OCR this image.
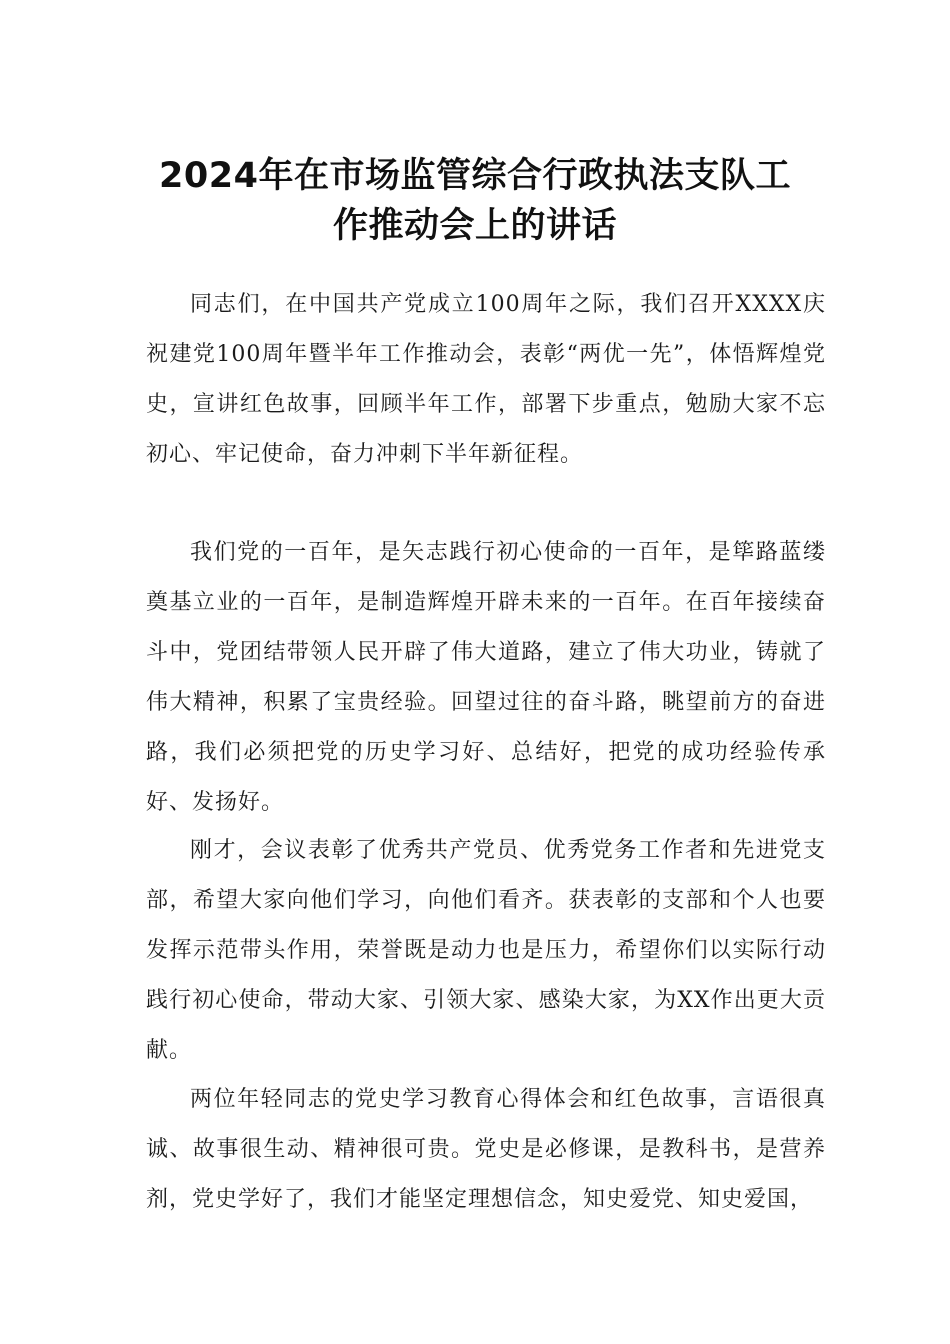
2024年在市场监管综合行政执法支队工
作推动会上的讲话

同志们，在中国共产党成立100周年之际，我们召开XXXX庆祝建党100周年暨半年工作推动会，表彰“两优一先”，体悟辉煌党史，宣讲红色故事，回顾半年工作，部署下步重点，勉励大家不忘初心、牢记使命，奋力冲刺下半年新征程。

我们党的一百年，是矢志践行初心使命的一百年，是筚路蓝缕奠基立业的一百年，是制造辉煌开辟未来的一百年。在百年接续奋斗中，党团结带领人民开辟了伟大道路，建立了伟大功业，铸就了伟大精神，积累了宝贵经验。回望过往的奋斗路，眺望前方的奋进路，我们必须把党的历史学习好、总结好，把党的成功经验传承好、发扬好。

刚才，会议表彰了优秀共产党员、优秀党务工作者和先进党支部，希望大家向他们学习，向他们看齐。获表彰的支部和个人也要发挥示范带头作用，荣誉既是动力也是压力，希望你们以实际行动践行初心使命，带动大家、引领大家、感染大家，为XX作出更大贡献。

两位年轻同志的党史学习教育心得体会和红色故事，言语很真诚、故事很生动、精神很可贵。党史是必修课，是教科书，是营养剂，党史学好了，我们才能坚定理想信念，知史爱党、知史爱国，
